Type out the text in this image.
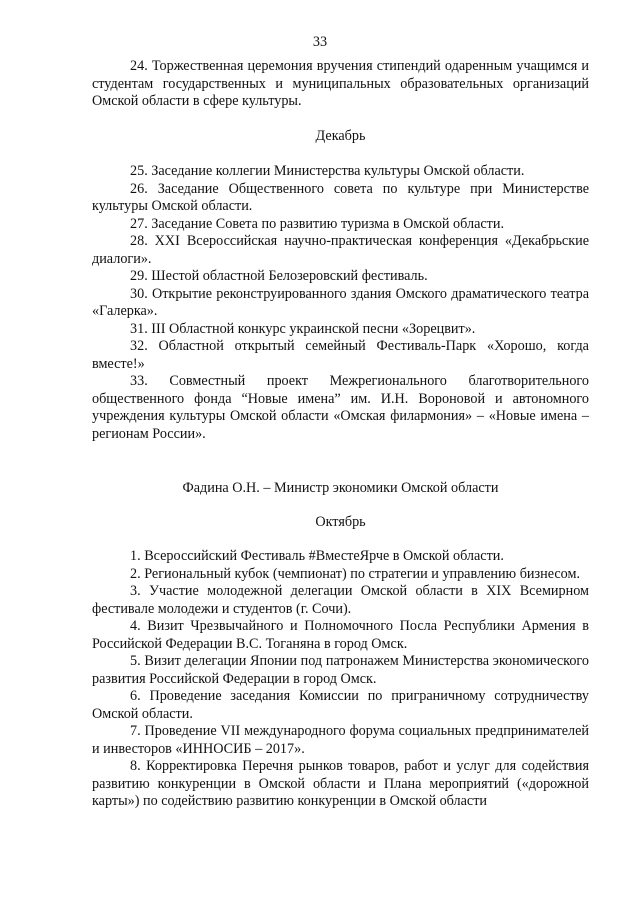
33

24. Торжественная церемония вручения стипендий одаренным учащимся и студентам государственных и муниципальных образовательных организаций Омской области в сфере культуры.

Декабрь

25. Заседание коллегии Министерства культуры Омской области.

26. Заседание Общественного совета по культуре при Министерстве культуры Омской области.

27. Заседание Совета по развитию туризма в Омской области.

28. XXI Всероссийская научно-практическая конференция «Декабрьские диалоги».

29. Шестой областной Белозеровский фестиваль.

30. Открытие реконструированного здания Омского драматического театра «Галерка».

31. III Областной конкурс украинской песни «Зорецвит».

32. Областной открытый семейный Фестиваль-Парк «Хорошо, когда вместе!»

33. Совместный проект Межрегионального благотворительного общественного фонда “Новые имена” им. И.Н. Вороновой и автономного учреждения культуры Омской области «Омская филармония» – «Новые имена – регионам России».

Фадина О.Н. – Министр экономики Омской области

Октябрь

1. Всероссийский Фестиваль #ВместеЯрче в Омской области.

2. Региональный кубок (чемпионат) по стратегии и управлению бизнесом.

3. Участие молодежной делегации Омской области в XIX Всемирном фестивале молодежи и студентов (г. Сочи).

4. Визит Чрезвычайного и Полномочного Посла Республики Армения в Российской Федерации В.С. Тоганяна в город Омск.

5. Визит делегации Японии под патронажем Министерства экономического развития Российской Федерации в город Омск.

6. Проведение заседания Комиссии по приграничному сотрудничеству Омской области.

7. Проведение VII международного форума социальных предпринимателей и инвесторов «ИННОСИБ – 2017».

8. Корректировка Перечня рынков товаров, работ и услуг для содействия развитию конкуренции в Омской области и Плана мероприятий («дорожной карты») по содействию развитию конкуренции в Омской области
